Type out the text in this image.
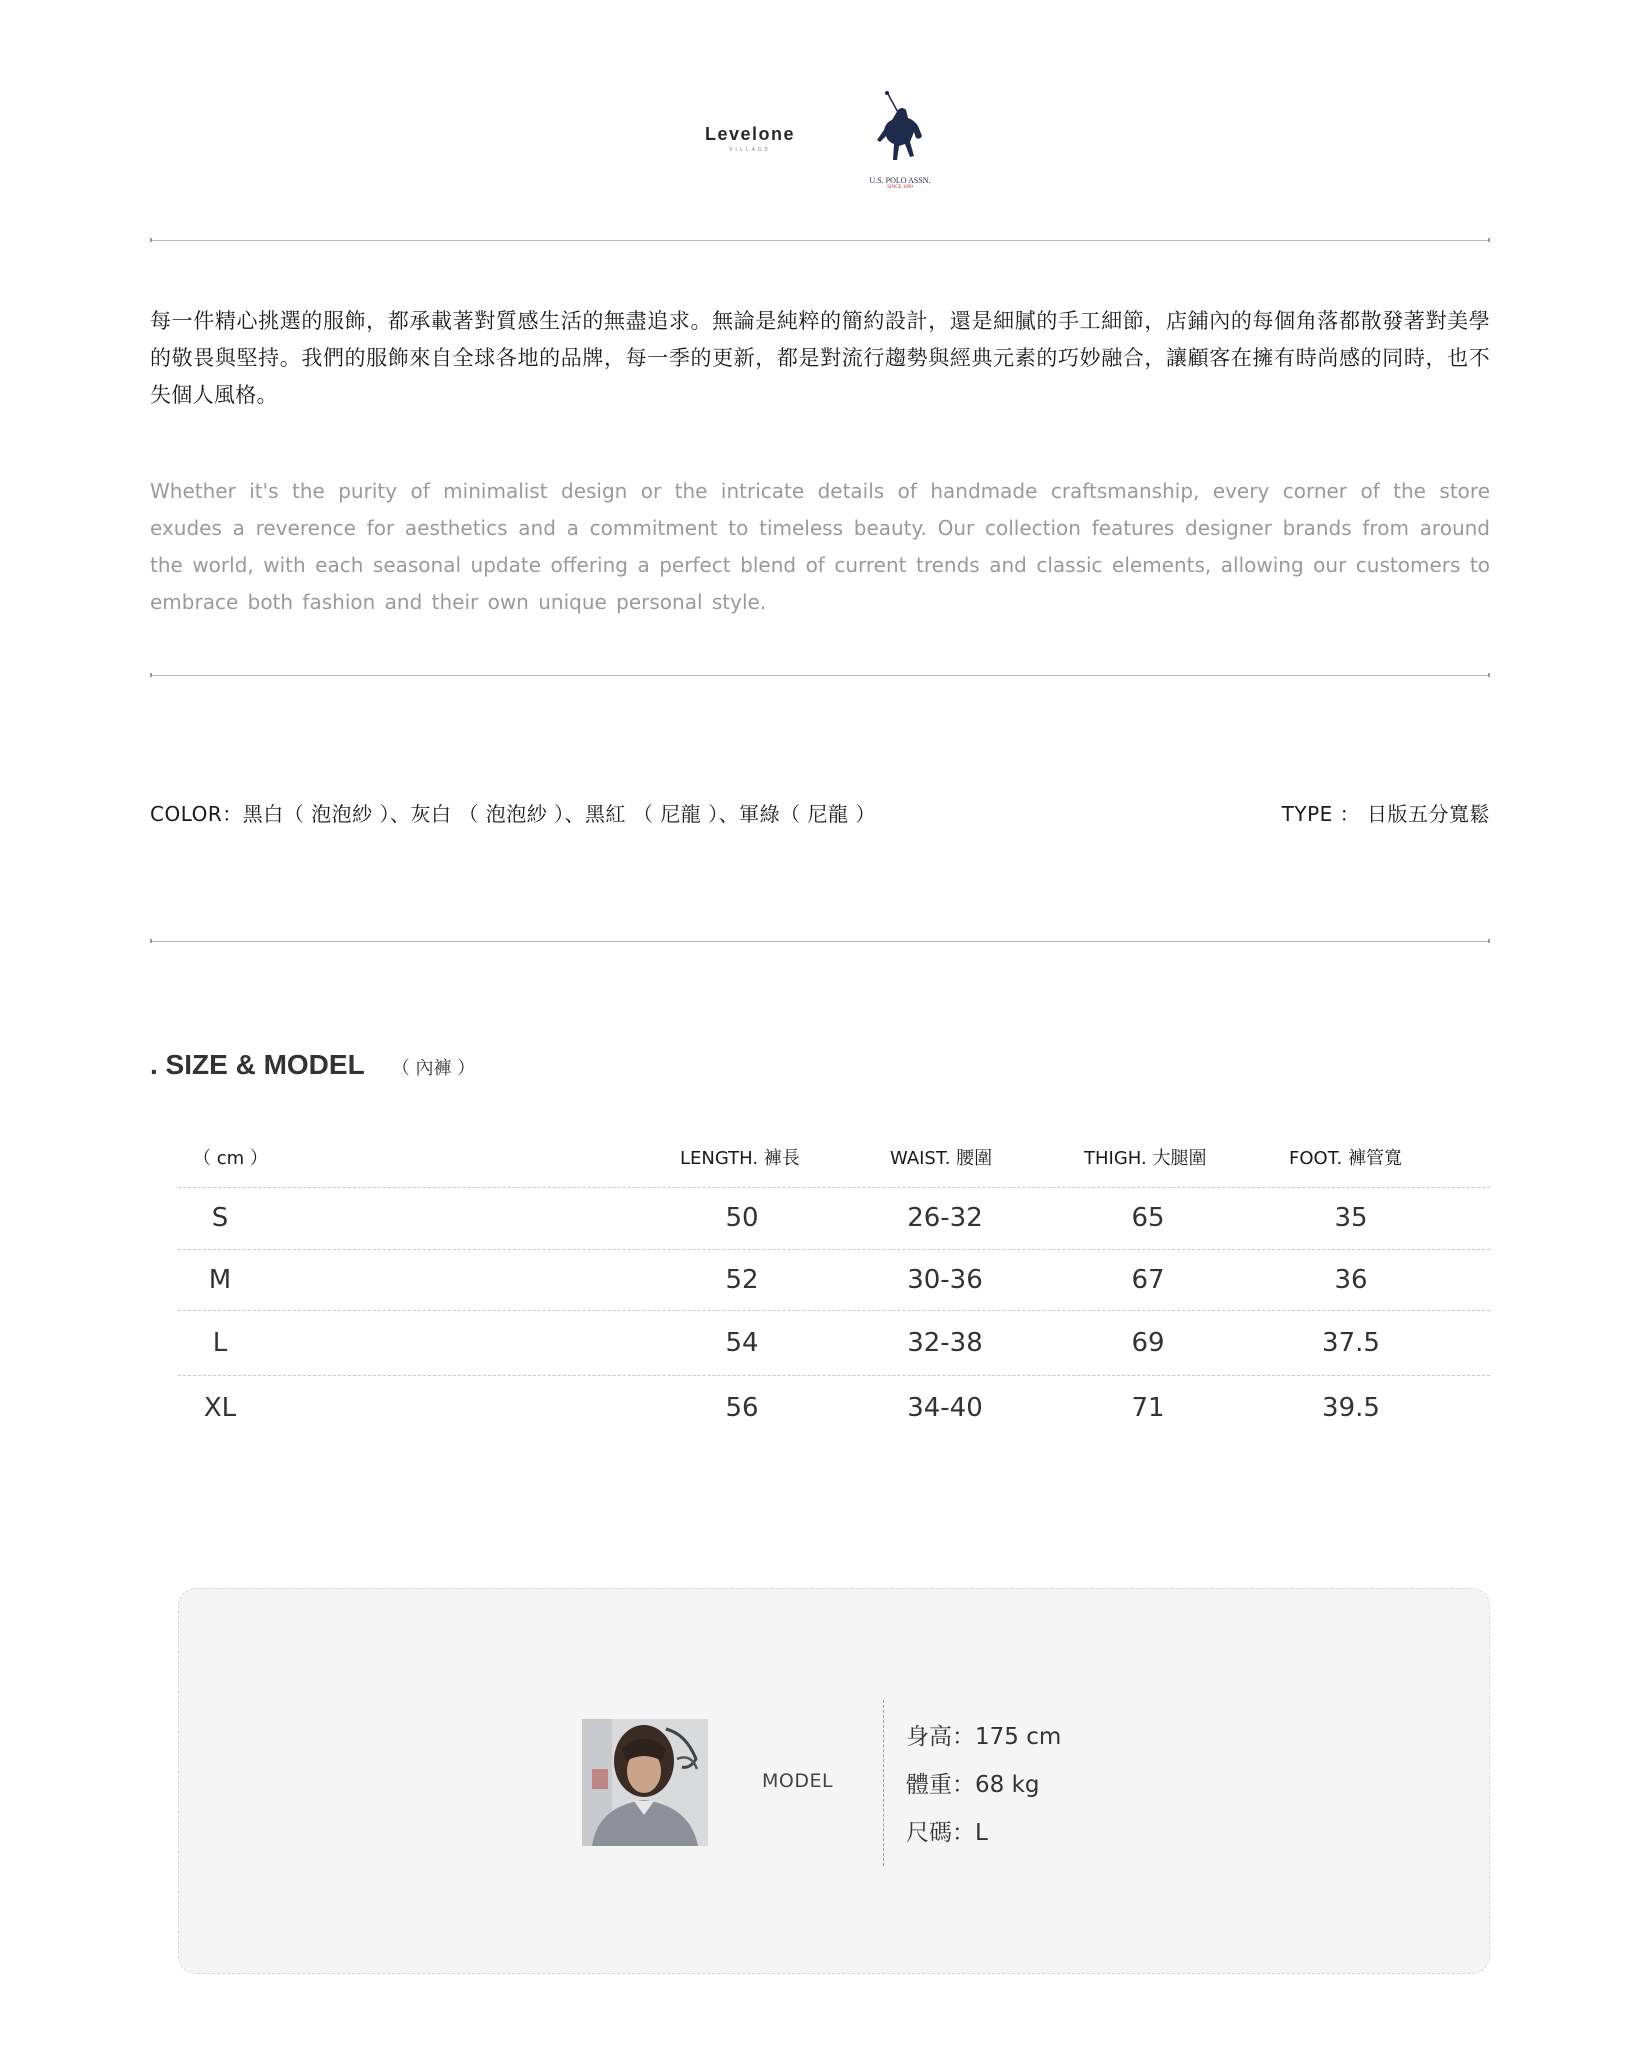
Levelone
VILLAGE
U.S. POLO ASSN.
SINCE 1890

每一件精心挑選的服飾，都承載著對質感生活的無盡追求。無論是純粹的簡約設計，還是細膩的手工細節，店鋪內的每個角落都散發著對美學的敬畏與堅持。我們的服飾來自全球各地的品牌，每一季的更新，都是對流行趨勢與經典元素的巧妙融合，讓顧客在擁有時尚感的同時，也不失個人風格。

Whether it's the purity of minimalist design or the intricate details of handmade craftsmanship, every corner of the store exudes a reverence for aesthetics and a commitment to timeless beauty. Our collection features designer brands from around the world, with each seasonal update offering a perfect blend of current trends and classic elements, allowing our customers to embrace both fashion and their own unique personal style.

COLOR：黑白（ 泡泡紗 ）、灰白 （ 泡泡紗 ）、黑紅 （ 尼龍 ）、軍綠（ 尼龍 ）	TYPE ： 日版五分寬鬆
. SIZE & MODEL （ 內褲 ）
（ cm ）	LENGTH. 褲長	WAIST. 腰圍	THIGH. 大腿圍	FOOT. 褲管寬
S	50	26-32	65	35
M	52	30-36	67	36
L	54	32-38	69	37.5
XL	56	34-40	71	39.5
MODEL
身高：175 cm
體重：68 kg
尺碼：L
